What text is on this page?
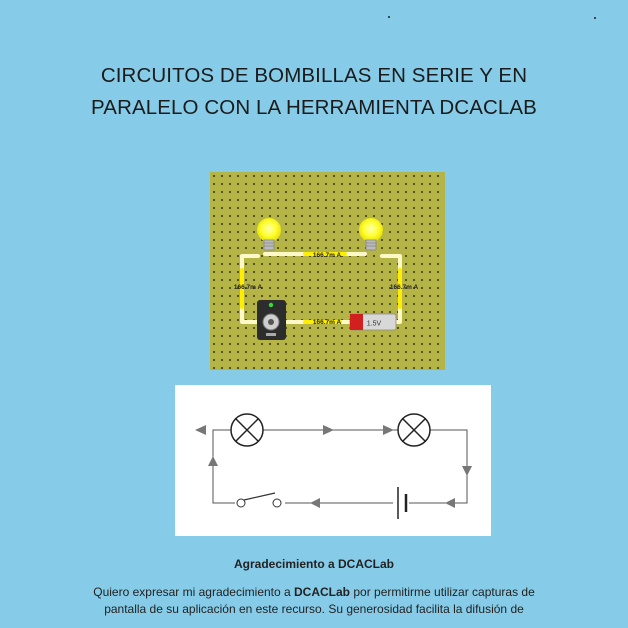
CIRCUITOS DE BOMBILLAS EN SERIE Y EN
PARALELO CON LA HERRAMIENTA DCACLAB
1.5V
166.7m A
166.7m A	166.7m A
166.7m A
Agradecimiento a DCACLab

Quiero expresar mi agradecimiento a DCACLab por permitirme utilizar capturas de pantalla de su aplicación en este recurso. Su generosidad facilita la difusión de
